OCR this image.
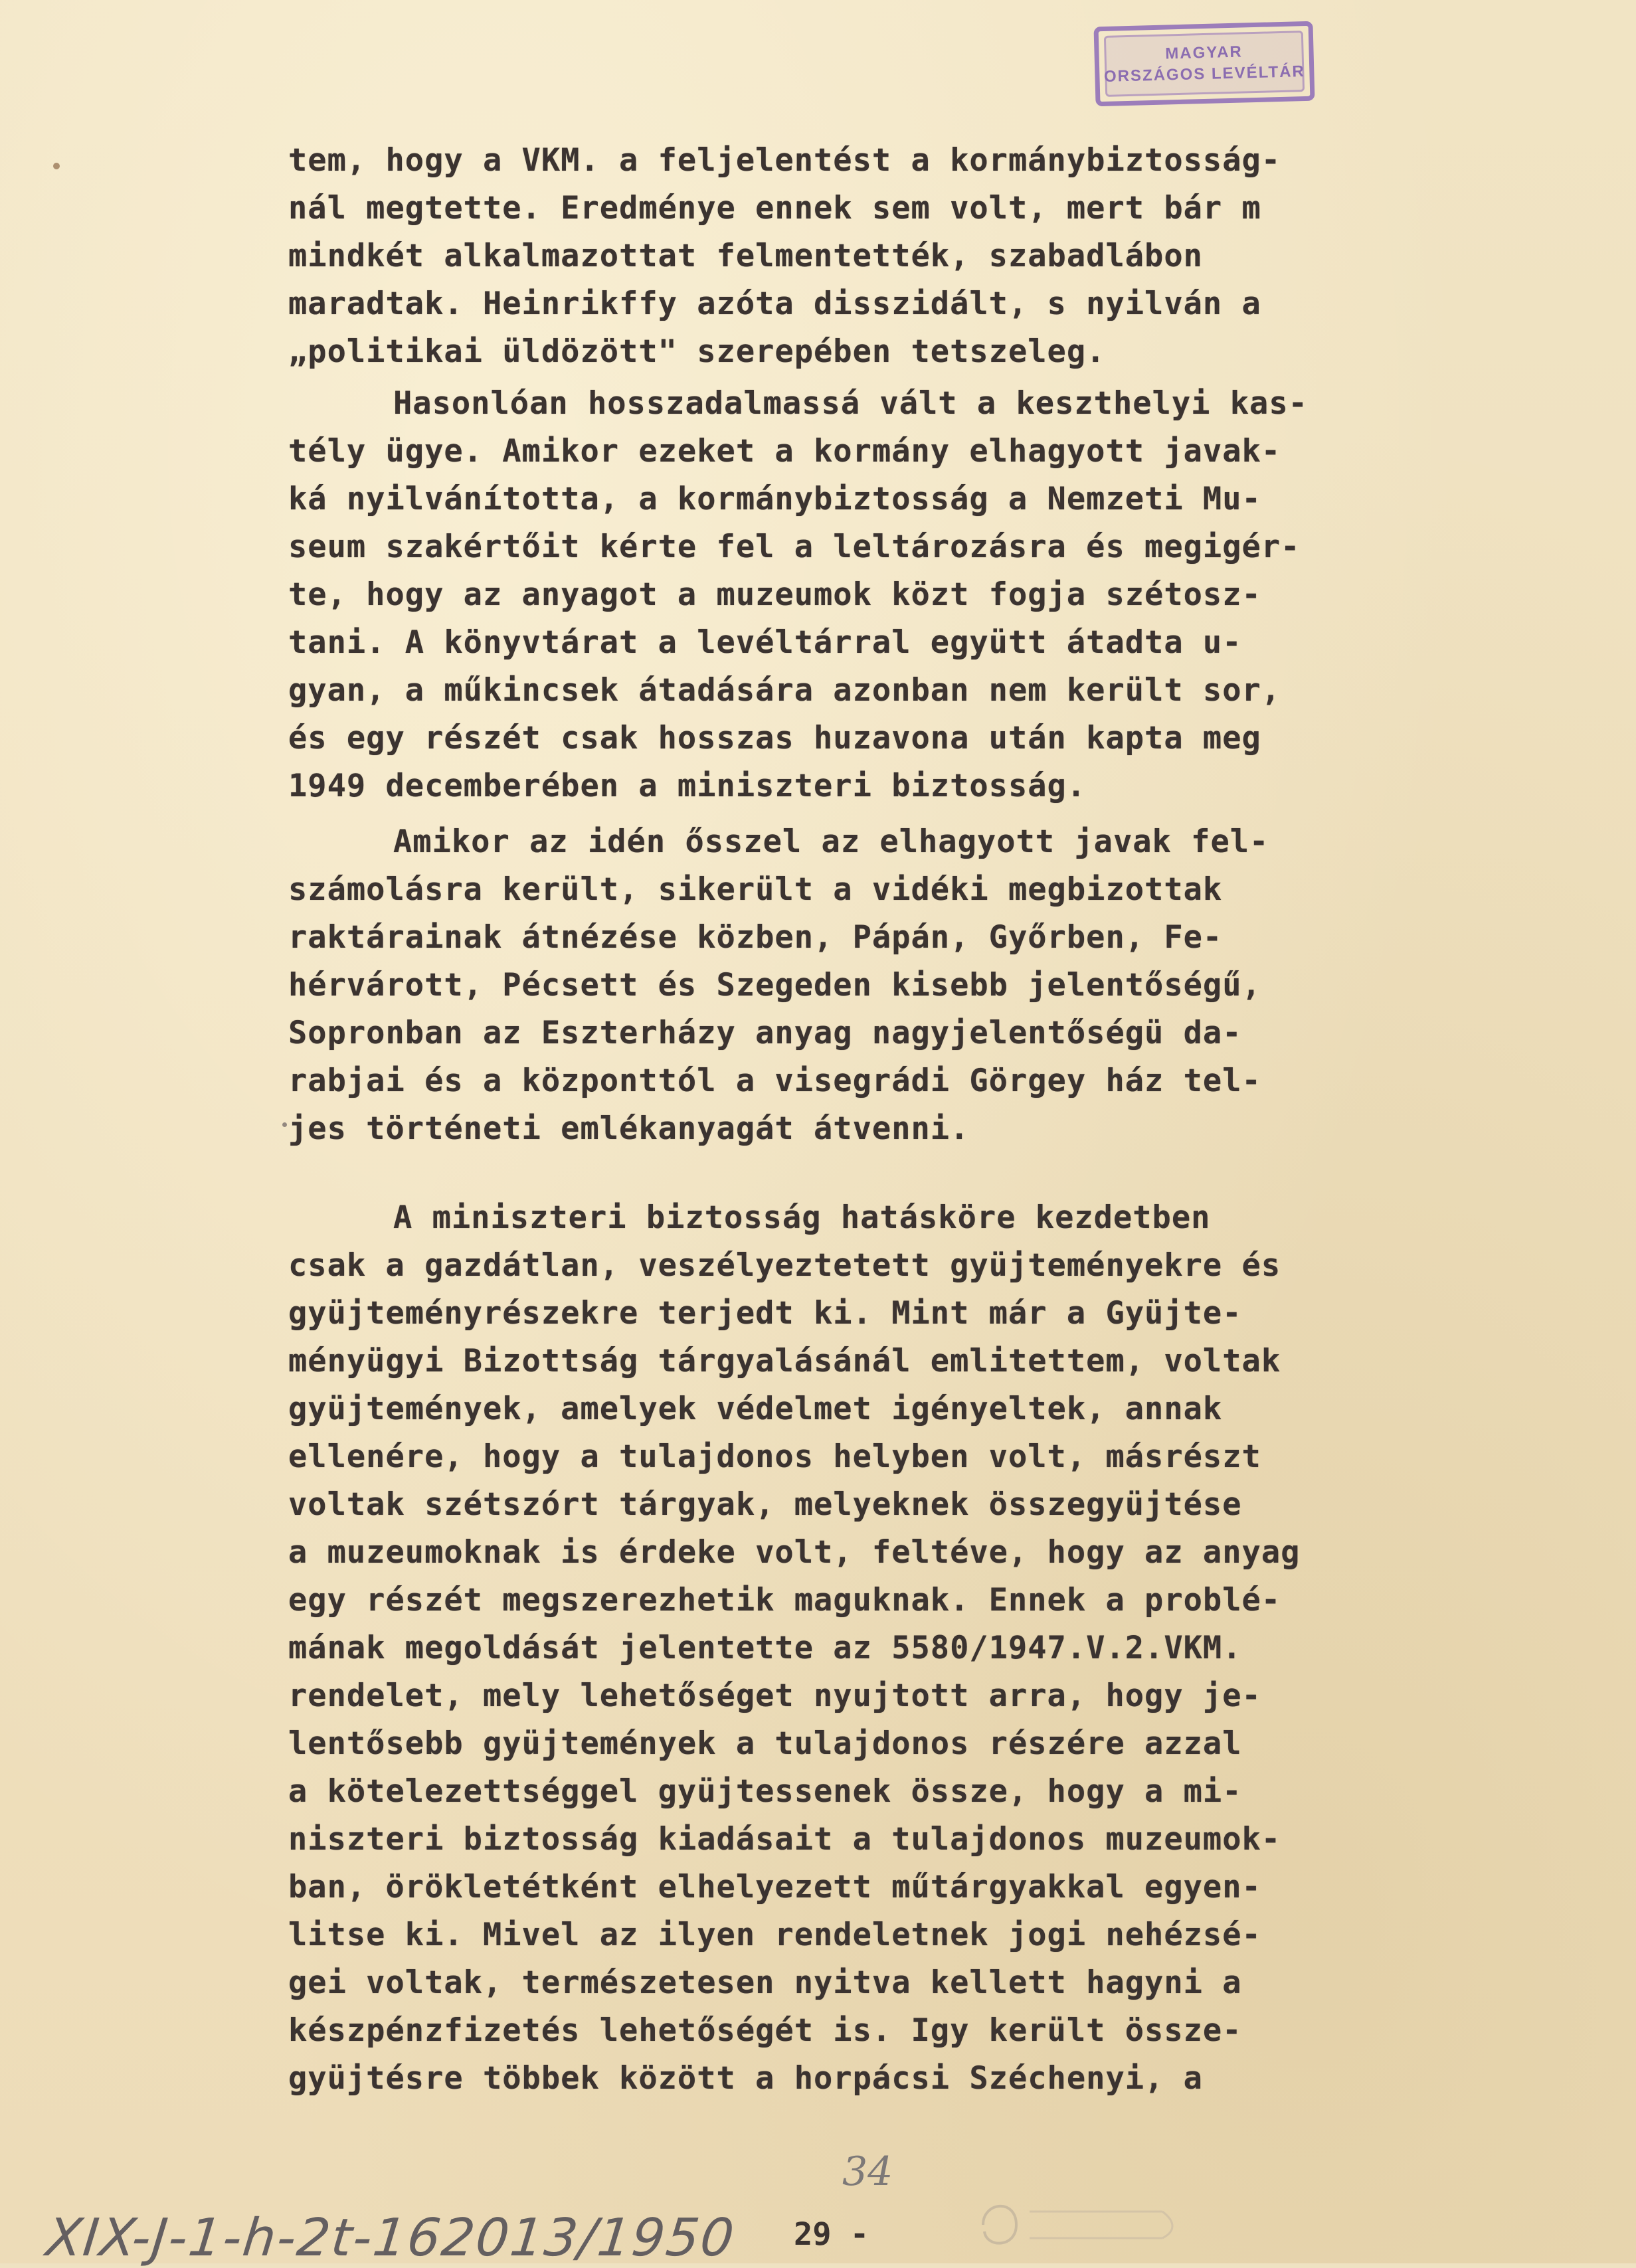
MAGYAR
ORSZÁGOS LEVÉLTÁR
tem, hogy a VKM. a feljelentést a kormánybiztosság-
nál megtette. Eredménye ennek sem volt, mert bár m
mindkét alkalmazottat felmentették, szabadlábon
maradtak. Heinrikffy azóta disszidált, s nyilván a
„politikai üldözött" szerepében tetszeleg.
Hasonlóan hosszadalmassá vált a keszthelyi kas-
tély ügye. Amikor ezeket a kormány elhagyott javak-
ká nyilvánította, a kormánybiztosság a Nemzeti Mu-
seum szakértőit kérte fel a leltározásra és megigér-
te, hogy az anyagot a muzeumok közt fogja szétosz-
tani. A könyvtárat a levéltárral együtt átadta u-
gyan, a műkincsek átadására azonban nem került sor,
és egy részét csak hosszas huzavona után kapta meg
1949 decemberében a miniszteri biztosság.
Amikor az idén ősszel az elhagyott javak fel-
számolásra került, sikerült a vidéki megbizottak
raktárainak átnézése közben, Pápán, Győrben, Fe-
hérvárott, Pécsett és Szegeden kisebb jelentőségű,
Sopronban az Eszterházy anyag nagyjelentőségü da-
rabjai és a központtól a visegrádi Görgey ház tel-
jes történeti emlékanyagát átvenni.
A miniszteri biztosság hatásköre kezdetben
csak a gazdátlan, veszélyeztetett gyüjteményekre és
gyüjteményrészekre terjedt ki. Mint már a Gyüjte-
ményügyi Bizottság tárgyalásánál emlitettem, voltak
gyüjtemények, amelyek védelmet igényeltek, annak
ellenére, hogy a tulajdonos helyben volt, másrészt
voltak szétszórt tárgyak, melyeknek összegyüjtése
a muzeumoknak is érdeke volt, feltéve, hogy az anyag
egy részét megszerezhetik maguknak. Ennek a problé-
mának megoldását jelentette az 5580/1947.V.2.VKM.
rendelet, mely lehetőséget nyujtott arra, hogy je-
lentősebb gyüjtemények a tulajdonos részére azzal
a kötelezettséggel gyüjtessenek össze, hogy a mi-
niszteri biztosság kiadásait a tulajdonos muzeumok-
ban, örökletétként elhelyezett műtárgyakkal egyen-
litse ki. Mivel az ilyen rendeletnek jogi nehézsé-
gei voltak, természetesen nyitva kellett hagyni a
készpénzfizetés lehetőségét is. Igy került össze-
gyüjtésre többek között a horpácsi Széchenyi, a
34
XIX-J-1-h-2t-162013/1950 29 -
